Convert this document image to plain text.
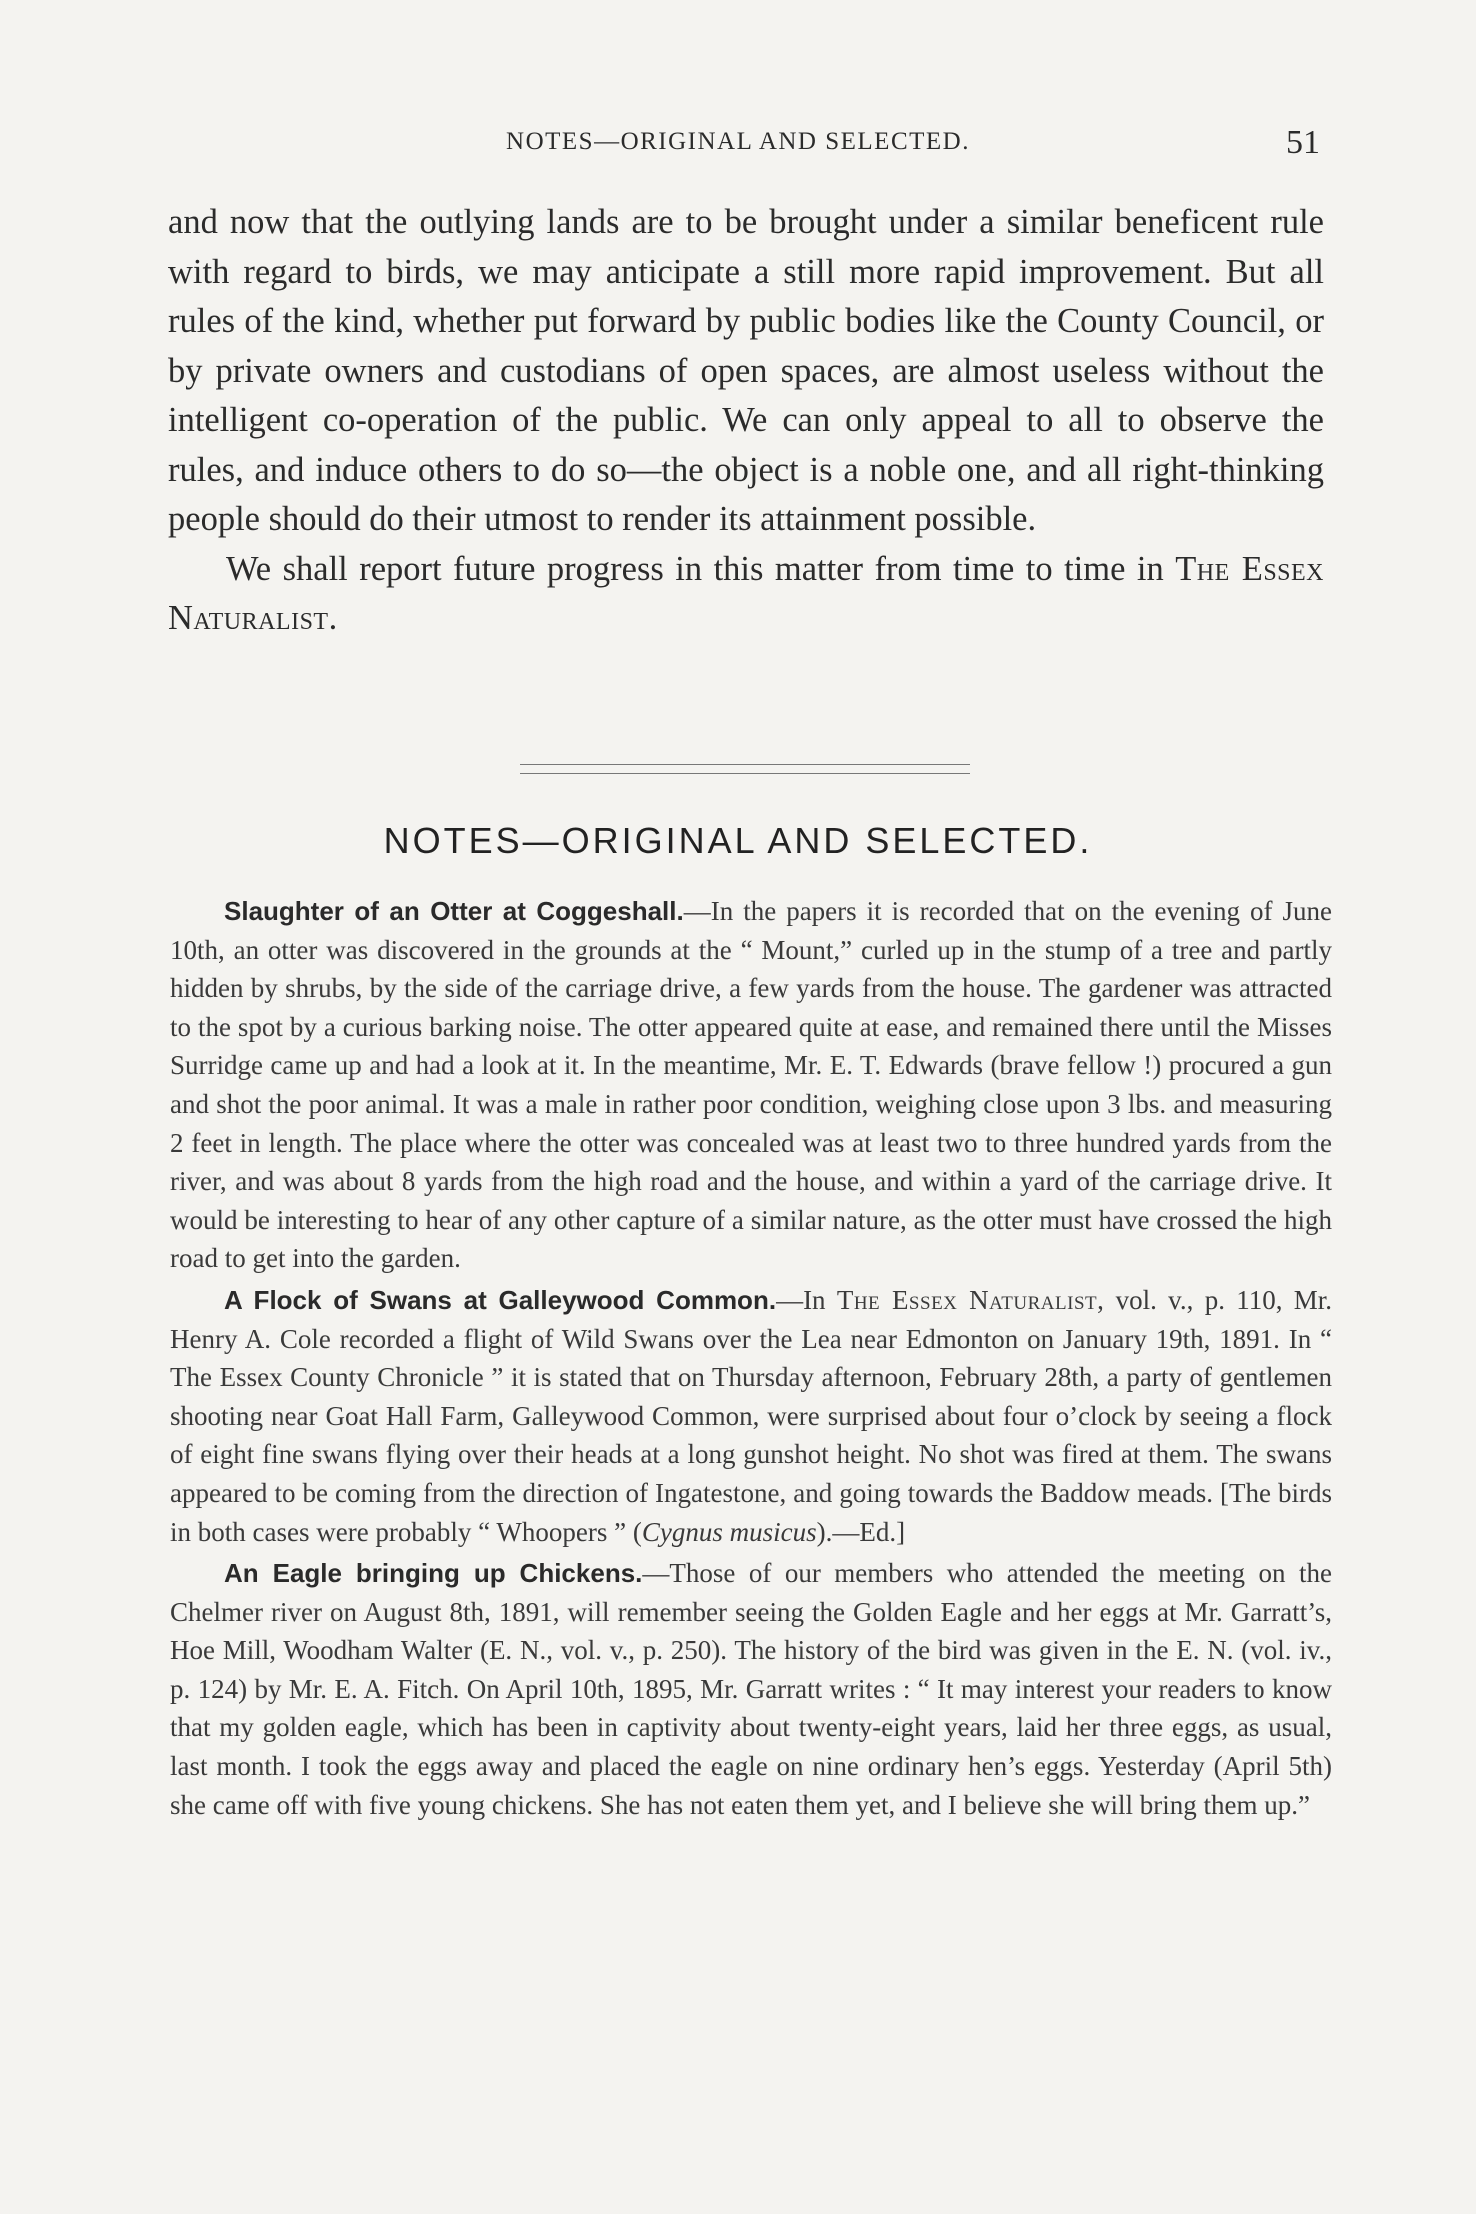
NOTES—ORIGINAL AND SELECTED.	51

and now that the outlying lands are to be brought under a similar beneficent rule with regard to birds, we may anticipate a still more rapid improvement. But all rules of the kind, whether put forward by public bodies like the County Council, or by private owners and custodians of open spaces, are almost useless without the intelligent co-operation of the public. We can only appeal to all to observe the rules, and induce others to do so—the object is a noble one, and all right-thinking people should do their utmost to render its attainment possible.

We shall report future progress in this matter from time to time in The Essex Naturalist.

NOTES—ORIGINAL AND SELECTED.

Slaughter of an Otter at Coggeshall.—In the papers it is recorded that on the evening of June 10th, an otter was discovered in the grounds at the “ Mount,” curled up in the stump of a tree and partly hidden by shrubs, by the side of the carriage drive, a few yards from the house. The gardener was attracted to the spot by a curious barking noise. The otter appeared quite at ease, and remained there until the Misses Surridge came up and had a look at it. In the meantime, Mr. E. T. Edwards (brave fellow !) procured a gun and shot the poor animal. It was a male in rather poor condition, weighing close upon 3 lbs. and measuring 2 feet in length. The place where the otter was concealed was at least two to three hundred yards from the river, and was about 8 yards from the high road and the house, and within a yard of the carriage drive. It would be interesting to hear of any other capture of a similar nature, as the otter must have crossed the high road to get into the garden.

A Flock of Swans at Galleywood Common.—In The Essex Naturalist, vol. v., p. 110, Mr. Henry A. Cole recorded a flight of Wild Swans over the Lea near Edmonton on January 19th, 1891. In “ The Essex County Chronicle ” it is stated that on Thursday afternoon, February 28th, a party of gentlemen shooting near Goat Hall Farm, Galleywood Common, were surprised about four o’clock by seeing a flock of eight fine swans flying over their heads at a long gunshot height. No shot was fired at them. The swans appeared to be coming from the direction of Ingatestone, and going towards the Baddow meads. [The birds in both cases were probably “ Whoopers ” (Cygnus musicus).—Ed.]

An Eagle bringing up Chickens.—Those of our members who attended the meeting on the Chelmer river on August 8th, 1891, will remember seeing the Golden Eagle and her eggs at Mr. Garratt’s, Hoe Mill, Woodham Walter (E. N., vol. v., p. 250). The history of the bird was given in the E. N. (vol. iv., p. 124) by Mr. E. A. Fitch. On April 10th, 1895, Mr. Garratt writes : “ It may interest your readers to know that my golden eagle, which has been in captivity about twenty-eight years, laid her three eggs, as usual, last month. I took the eggs away and placed the eagle on nine ordinary hen’s eggs. Yesterday (April 5th) she came off with five young chickens. She has not eaten them yet, and I believe she will bring them up.”
